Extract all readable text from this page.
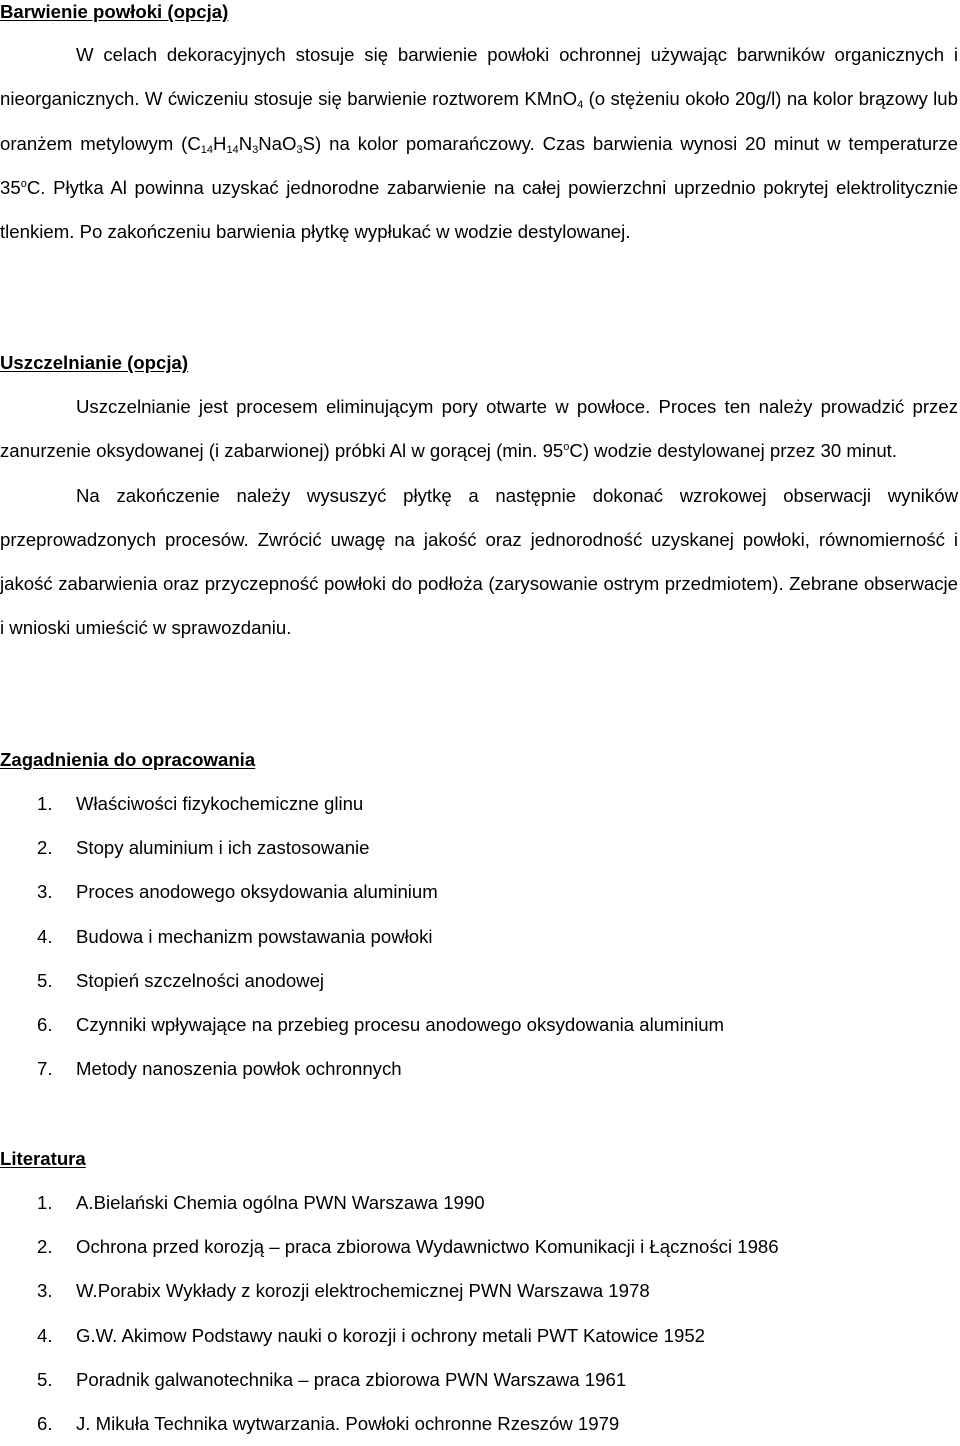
Barwienie powłoki (opcja)

W celach dekoracyjnych stosuje się barwienie powłoki ochronnej używając barwników organicznych i nieorganicznych. W ćwiczeniu stosuje się barwienie roztworem KMnO$_4$ (o stężeniu około 20g/l) na kolor brązowy lub oranżem metylowym $(C_{14}H_{14}N_3NaO_3S)$ na kolor pomarańczowy. Czas barwienia wynosi 20 minut w temperaturze 35$^o$C. Płytka Al powinna uzyskać jednorodne zabarwienie na całej powierzchni uprzednio pokrytej elektrolitycznie tlenkiem. Po zakończeniu barwienia płytkę wypłukać w wodzie destylowanej.

Uszczelnianie (opcja)

Uszczelnianie jest procesem eliminującym pory otwarte w powłoce. Proces ten należy prowadzić przez zanurzenie oksydowanej (i zabarwionej) próbki Al w gorącej (min. 95$^o$C) wodzie destylowanej przez 30 minut.

Na zakończenie należy wysuszyć płytkę a następnie dokonać wzrokowej obserwacji wyników przeprowadzonych procesów. Zwrócić uwagę na jakość oraz jednorodność uzyskanej powłoki, równomierność i jakość zabarwienia oraz przyczepność powłoki do podłoża (zarysowanie ostrym przedmiotem). Zebrane obserwacje i wnioski umieścić w sprawozdaniu.

Zagadnienia do opracowania
1. Właściwości fizykochemiczne glinu
2. Stopy aluminium i ich zastosowanie
3. Proces anodowego oksydowania aluminium
4. Budowa i mechanizm powstawania powłoki
5. Stopień szczelności anodowej
6. Czynniki wpływające na przebieg procesu anodowego oksydowania aluminium
7. Metody nanoszenia powłok ochronnych
Literatura
1. A.Bielański Chemia ogólna PWN Warszawa 1990
2. Ochrona przed korozją – praca zbiorowa Wydawnictwo Komunikacji i Łączności 1986
3. W.Porabix Wykłady z korozji elektrochemicznej PWN Warszawa 1978
4. G.W. Akimow Podstawy nauki o korozji i ochrony metali PWT Katowice 1952
5. Poradnik galwanotechnika – praca zbiorowa PWN Warszawa 1961
6. J. Mikuła Technika wytwarzania. Powłoki ochronne Rzeszów 1979
